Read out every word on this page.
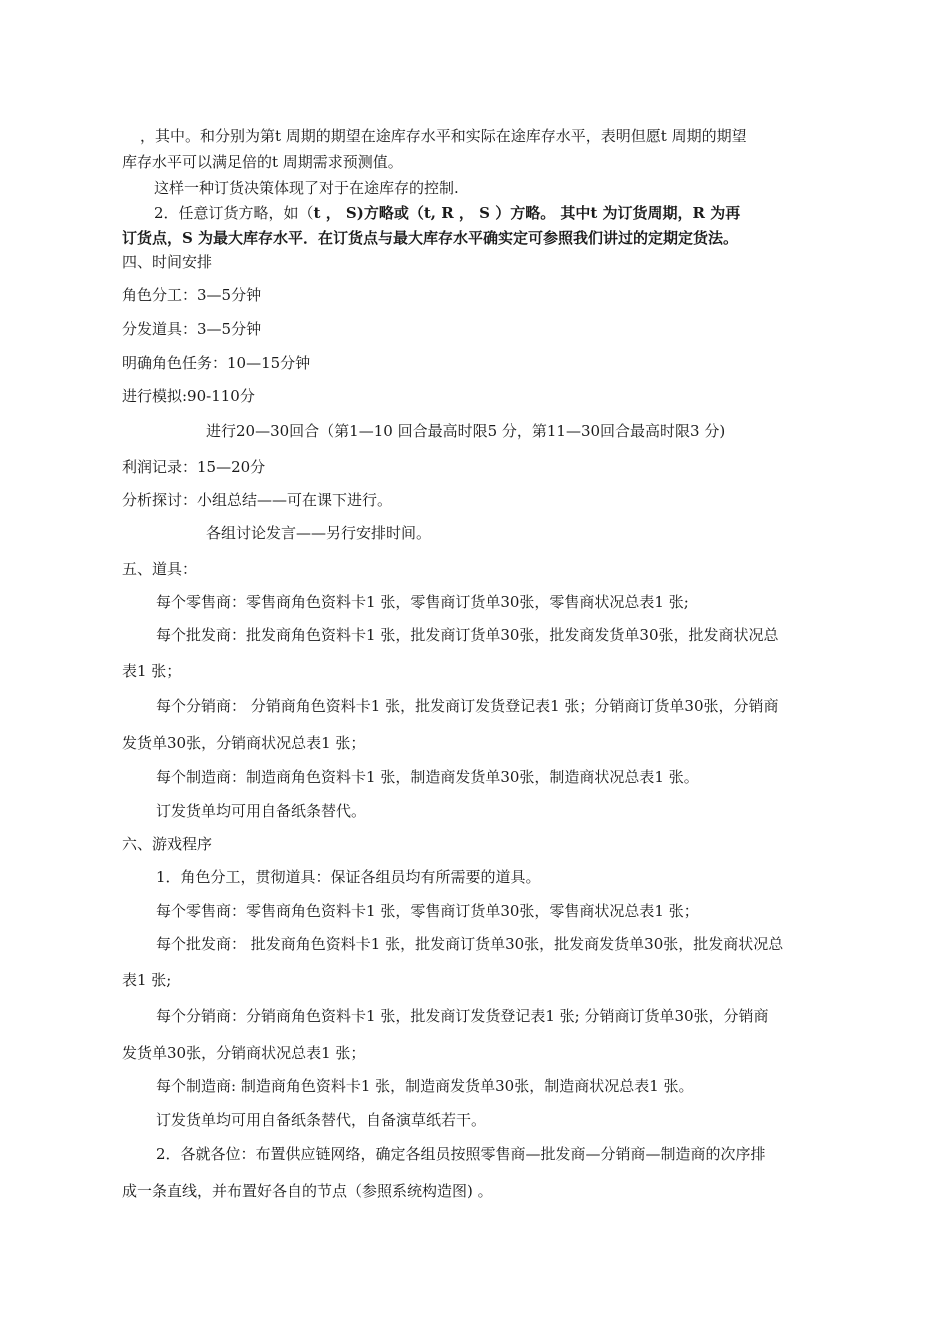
，其中。和分别为第t 周期的期望在途库存水平和实际在途库存水平，表明但愿t 周期的期望
库存水平可以满足倍的t 周期需求预测值。
这样一种订货决策体现了对于在途库存的控制.
2．任意订货方略，如（t ， S)方略或（t, R ， S ）方略。 其中t 为订货周期，R 为再
订货点，S 为最大库存水平．在订货点与最大库存水平确实定可参照我们讲过的定期定货法。
四、时间安排
角色分工：3—5分钟
分发道具：3—5分钟
明确角色任务：10—15分钟
进行模拟:90-110分
进行20—30回合（第1—10 回合最高时限5 分，第11—30回合最高时限3 分)
利润记录：15—20分
分析探讨：小组总结——可在课下进行。
各组讨论发言——另行安排时间。
五、道具：
每个零售商：零售商角色资料卡1 张，零售商订货单30张，零售商状况总表1 张;
每个批发商：批发商角色资料卡1 张，批发商订货单30张，批发商发货单30张，批发商状况总
表1 张；
每个分销商： 分销商角色资料卡1 张，批发商订发货登记表1 张；分销商订货单30张，分销商
发货单30张，分销商状况总表1 张；
每个制造商：制造商角色资料卡1 张，制造商发货单30张，制造商状况总表1 张。
订发货单均可用自备纸条替代。
六、游戏程序
1．角色分工，贯彻道具：保证各组员均有所需要的道具。
每个零售商：零售商角色资料卡1 张，零售商订货单30张，零售商状况总表1 张；
每个批发商： 批发商角色资料卡1 张，批发商订货单30张，批发商发货单30张，批发商状况总
表1 张;
每个分销商：分销商角色资料卡1 张，批发商订发货登记表1 张; 分销商订货单30张，分销商
发货单30张，分销商状况总表1 张；
每个制造商: 制造商角色资料卡1 张，制造商发货单30张，制造商状况总表1 张。
订发货单均可用自备纸条替代，自备演草纸若干。
2．各就各位：布置供应链网络，确定各组员按照零售商—批发商—分销商—制造商的次序排
成一条直线，并布置好各自的节点（参照系统构造图) 。
